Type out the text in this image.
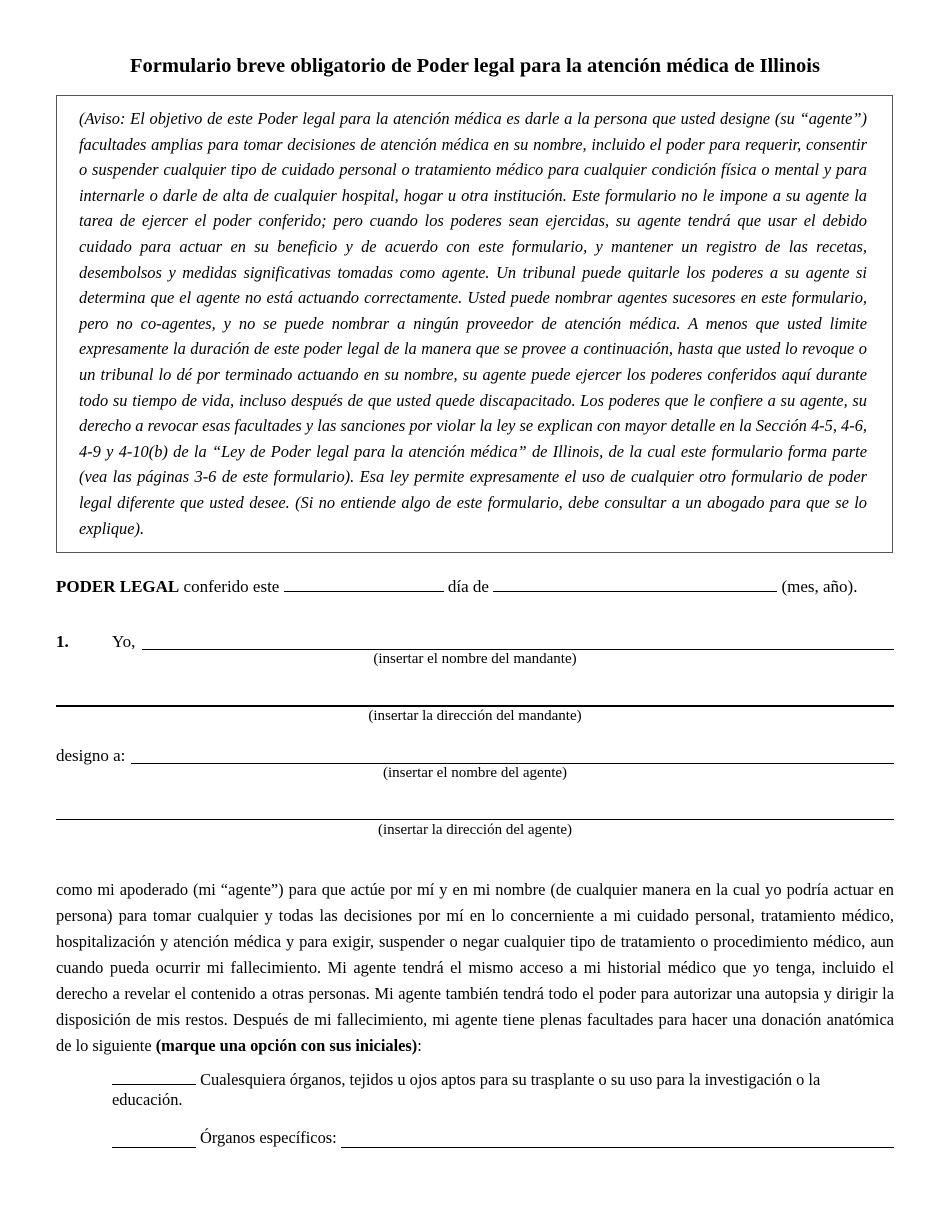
Formulario breve obligatorio de Poder legal para la atención médica de Illinois
(Aviso: El objetivo de este Poder legal para la atención médica es darle a la persona que usted designe (su “agente”) facultades amplias para tomar decisiones de atención médica en su nombre, incluido el poder para requerir, consentir o suspender cualquier tipo de cuidado personal o tratamiento médico para cualquier condición física o mental y para internarle o darle de alta de cualquier hospital, hogar u otra institución. Este formulario no le impone a su agente la tarea de ejercer el poder conferido; pero cuando los poderes sean ejercidas, su agente tendrá que usar el debido cuidado para actuar en su beneficio y de acuerdo con este formulario, y mantener un registro de las recetas, desembolsos y medidas significativas tomadas como agente. Un tribunal puede quitarle los poderes a su agente si determina que el agente no está actuando correctamente. Usted puede nombrar agentes sucesores en este formulario, pero no co-agentes, y no se puede nombrar a ningún proveedor de atención médica. A menos que usted limite expresamente la duración de este poder legal de la manera que se provee a continuación, hasta que usted lo revoque o un tribunal lo dé por terminado actuando en su nombre, su agente puede ejercer los poderes conferidos aquí durante todo su tiempo de vida, incluso después de que usted quede discapacitado. Los poderes que le confiere a su agente, su derecho a revocar esas facultades y las sanciones por violar la ley se explican con mayor detalle en la Sección 4-5, 4-6, 4-9 y 4-10(b) de la “Ley de Poder legal para la atención médica” de Illinois, de la cual este formulario forma parte (vea las páginas 3-6 de este formulario). Esa ley permite expresamente el uso de cualquier otro formulario de poder legal diferente que usted desee. (Si no entiende algo de este formulario, debe consultar a un abogado para que se lo explique).
PODER LEGAL conferido este	día de	(mes, año).
1.	Yo,
(insertar el nombre del mandante)
(insertar la dirección del mandante)
designo a:
(insertar el nombre del agente)
(insertar la dirección del agente)
como mi apoderado (mi “agente”) para que actúe por mí y en mi nombre (de cualquier manera en la cual yo podría actuar en persona) para tomar cualquier y todas las decisiones por mí en lo concerniente a mi cuidado personal, tratamiento médico, hospitalización y atención médica y para exigir, suspender o negar cualquier tipo de tratamiento o procedimiento médico, aun cuando pueda ocurrir mi fallecimiento. Mi agente tendrá el mismo acceso a mi historial médico que yo tenga, incluido el derecho a revelar el contenido a otras personas. Mi agente también tendrá todo el poder para autorizar una autopsia y dirigir la disposición de mis restos. Después de mi fallecimiento, mi agente tiene plenas facultades para hacer una donación anatómica de lo siguiente (marque una opción con sus iniciales):
Cualesquiera órganos, tejidos u ojos aptos para su trasplante o su uso para la investigación o la educación.
Órganos específicos:
